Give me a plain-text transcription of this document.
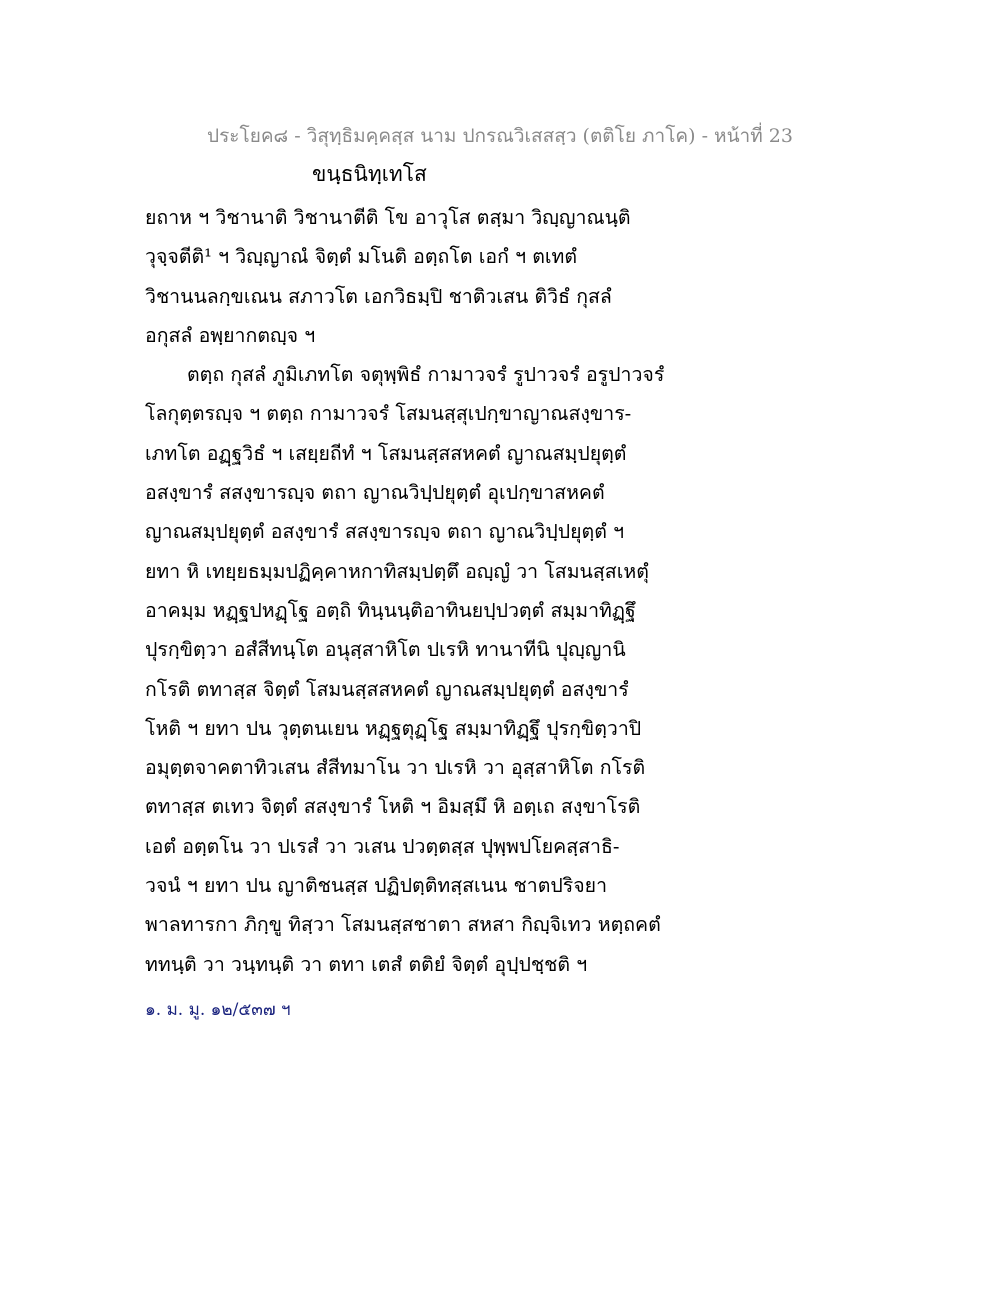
ประโยค๘ - วิสุทฺธิมคฺคสฺส นาม ปกรณวิเสสสฺว (ตติโย ภาโค) - หน้าที่ 23
ขนฺธนิทฺเทโส
ยถาห ฯ วิชานาติ วิชานาตีติ โข อาวุโส ตสฺมา วิญฺญาณนฺติ
วุจฺจตีติ¹ ฯ วิญฺญาณํ จิตฺตํ มโนติ อตฺถโต เอกํ ฯ ตเทตํ
วิชานนลกฺขเณน สภาวโต เอกวิธมฺปิ ชาติวเสน ติวิธํ กุสลํ
อกุสลํ อพฺยากตญฺจ ฯ
ตตฺถ กุสลํ ภูมิเภทโต จตุพฺพิธํ กามาวจรํ รูปาวจรํ อรูปาวจรํ
โลกุตฺตรญฺจ ฯ ตตฺถ กามาวจรํ โสมนสฺสุเปกฺขาญาณสงฺขาร-
เภทโต อฏฺฐวิธํ ฯ เสยฺยถีทํ ฯ โสมนสฺสสหคตํ ญาณสมฺปยุตฺตํ
อสงฺขารํ สสงฺขารญฺจ ตถา ญาณวิปฺปยุตฺตํ อุเปกฺขาสหคตํ
ญาณสมฺปยุตฺตํ อสงฺขารํ สสงฺขารญฺจ ตถา ญาณวิปฺปยุตฺตํ ฯ
ยทา หิ เทยฺยธมฺมปฏิคฺคาหกาทิสมฺปตฺตึ อญฺญํ วา โสมนสฺสเหตุํ
อาคมฺม หฏฺฐปหฏฺโฐ อตฺถิ ทินฺนนฺติอาทินยปฺปวตฺตํ สมฺมาทิฏฺฐึ
ปุรกฺขิตฺวา อสํสีทนฺโต อนุสฺสาหิโต ปเรหิ ทานาทีนิ ปุญฺญานิ
กโรติ ตทาสฺส จิตฺตํ โสมนสฺสสหคตํ ญาณสมฺปยุตฺตํ อสงฺขารํ
โหติ ฯ ยทา ปน วุตฺตนเยน หฏฺฐตุฏฺโฐ สมฺมาทิฏฺฐึ ปุรกฺขิตฺวาปิ
อมุตฺตจาคตาทิวเสน สํสีทมาโน วา ปเรหิ วา อุสฺสาหิโต กโรติ
ตทาสฺส ตเทว จิตฺตํ สสงฺขารํ โหติ ฯ อิมสฺมึ หิ อตฺเถ สงฺขาโรติ
เอตํ อตฺตโน วา ปเรสํ วา วเสน ปวตฺตสฺส ปุพฺพปโยคสฺสาธิ-
วจนํ ฯ ยทา ปน ญาติชนสฺส ปฏิปตฺติทสฺสเนน ชาตปริจยา
พาลทารกา ภิกฺขู ทิสฺวา โสมนสฺสชาตา สหสา กิญฺจิเทว หตฺถคตํ
ททนฺติ วา วนฺทนฺติ วา ตทา เตสํ ตติยํ จิตฺตํ อุปฺปชฺชติ ฯ
๑. ม. มู. ๑๒/๕๓๗ ฯ
